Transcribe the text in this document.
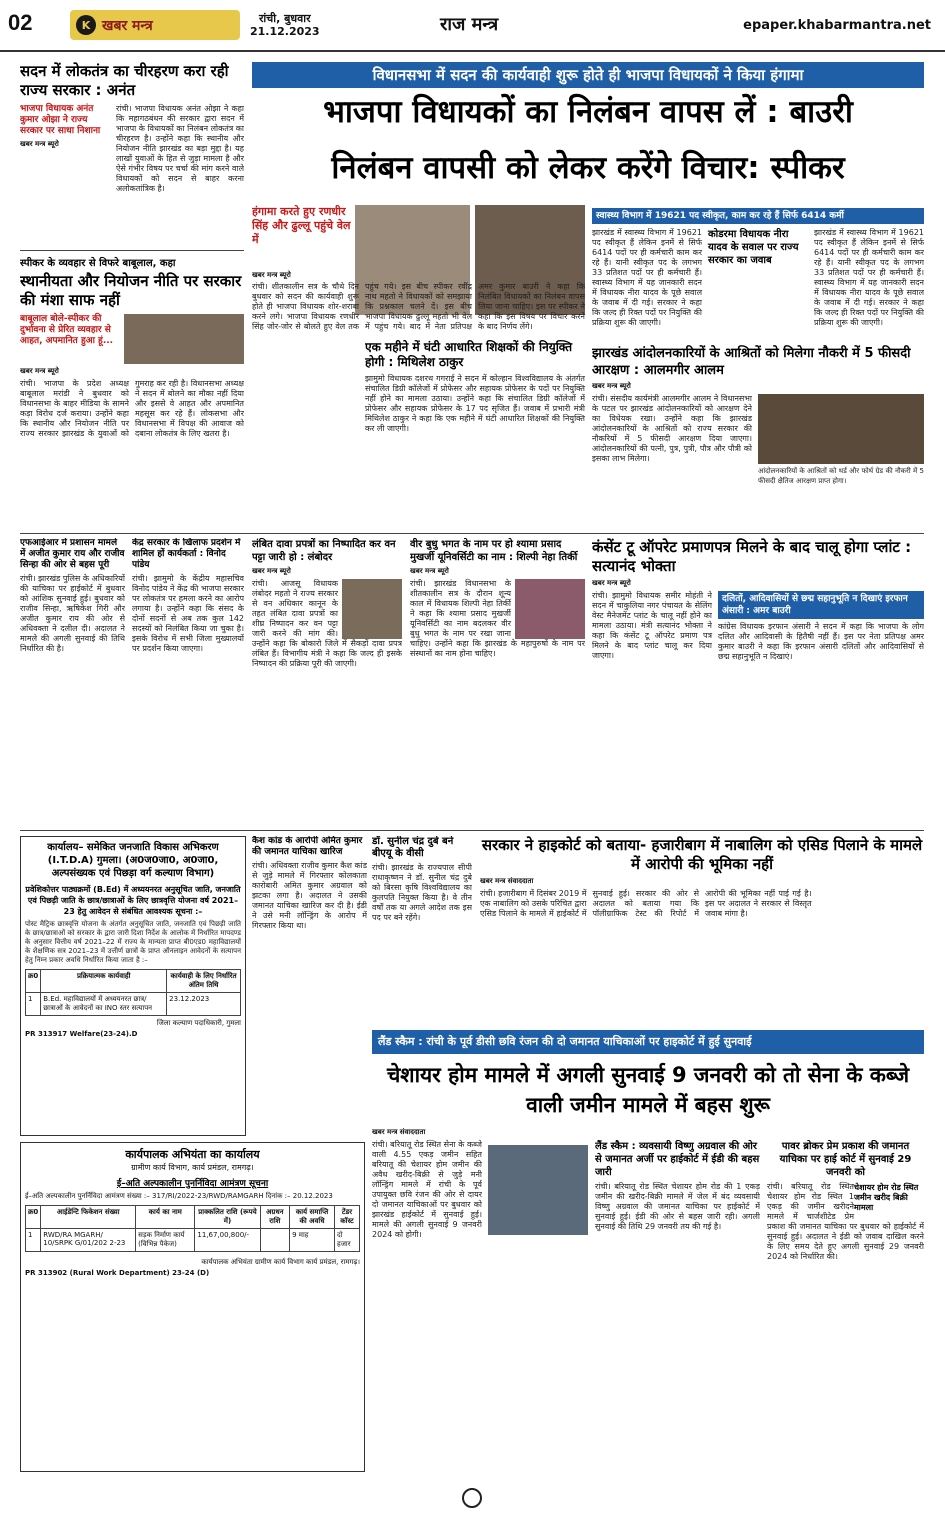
02	K खबर मन्त्र	रांची, बुधवार
21.12.2023	राज मन्त्र	epaper.khabarmantra.net
सदन में लोकतंत्र का चीरहरण करा रही राज्य सरकार : अनंत
भाजपा विधायक अनंत कुमार ओझा ने राज्य सरकार पर साधा निशाना
खबर मन्त्र ब्यूरो
रांची। भाजपा विधायक अनंत ओझा ने कहा कि महागठबंधन की सरकार द्वारा सदन में भाजपा के विधायकों का निलंबन लोकतंत्र का चीरहरण है। उन्होंने कहा कि स्थानीय और नियोजन नीति झारखंड का बड़ा मुद्दा है। यह लाखों युवाओं के हित से जुड़ा मामला है और ऐसे गंभीर विषय पर चर्चा की मांग करने वाले विधायकों को सदन से बाहर करना अलोकतांत्रिक है।
स्पीकर के व्यवहार से विफरे बाबूलाल, कहा
स्थानीयता और नियोजन नीति पर सरकार की मंशा साफ नहीं
बाबूलाल बोले-स्पीकर की दुर्भावना से प्रेरित व्यवहार से आहत, अपमानित हुआ हूं...
खबर मन्त्र ब्यूरो
रांची। भाजपा के प्रदेश अध्यक्ष बाबूलाल मरांडी ने बुधवार को विधानसभा के बाहर मीडिया के सामने कड़ा विरोध दर्ज कराया। उन्होंने कहा कि स्थानीय और नियोजन नीति पर राज्य सरकार झारखंड के युवाओं को गुमराह कर रही है। विधानसभा अध्यक्ष ने सदन में बोलने का मौका नहीं दिया और इससे वे आहत और अपमानित महसूस कर रहे हैं। लोकसभा और विधानसभा में विपक्ष की आवाज को दबाना लोकतंत्र के लिए खतरा है।
विधानसभा में सदन की कार्यवाही शुरू होते ही भाजपा विधायकों ने किया हंगामा
भाजपा विधायकों का निलंबन वापस लें : बाउरी
निलंबन वापसी को लेकर करेंगे विचार: स्पीकर
हंगामा करते हुए रणधीर सिंह और ढुल्लू पहुंचे वेल में
खबर मन्त्र ब्यूरो
रांची। शीतकालीन सत्र के चौथे दिन बुधवार को सदन की कार्यवाही शुरू होते ही भाजपा विधायक शोर-शराबा करने लगे। भाजपा विधायक रणधीर सिंह जोर-जोर से बोलते हुए वेल तक पहुंच गये। इस बीच स्पीकर रवींद्र नाथ महतो ने विधायकों को समझाया कि प्रश्नकाल चलने दें। इस बीच भाजपा विधायक ढुल्लू महतो भी वेल में पहुंच गये। बाद में नेता प्रतिपक्ष अमर कुमार बाउरी ने कहा कि निलंबित विधायकों का निलंबन वापस लिया जाना चाहिए। इस पर स्पीकर ने कहा कि इस विषय पर विचार करने के बाद निर्णय लेंगे।
स्वास्थ्य विभाग में 19621 पद स्वीकृत, काम कर रहे हैं सिर्फ 6414 कर्मी
झारखंड में स्वास्थ्य विभाग में 19621 पद स्वीकृत हैं लेकिन इनमें से सिर्फ 6414 पदों पर ही कर्मचारी काम कर रहे हैं। यानी स्वीकृत पद के लगभग 33 प्रतिशत पदों पर ही कर्मचारी हैं। स्वास्थ्य विभाग में यह जानकारी सदन में विधायक नीरा यादव के पूछे सवाल के जवाब में दी गई। सरकार ने कहा कि जल्द ही रिक्त पदों पर नियुक्ति की प्रक्रिया शुरू की जाएगी।
कोडरमा विधायक नीरा यादव के सवाल पर राज्य सरकार का जवाब
झारखंड में स्वास्थ्य विभाग में 19621 पद स्वीकृत हैं लेकिन इनमें से सिर्फ 6414 पदों पर ही कर्मचारी काम कर रहे हैं। यानी स्वीकृत पद के लगभग 33 प्रतिशत पदों पर ही कर्मचारी हैं। स्वास्थ्य विभाग में यह जानकारी सदन में विधायक नीरा यादव के पूछे सवाल के जवाब में दी गई। सरकार ने कहा कि जल्द ही रिक्त पदों पर नियुक्ति की प्रक्रिया शुरू की जाएगी।
एक महीने में घंटी आधारित शिक्षकों की नियुक्ति होगी : मिथिलेश ठाकुर
झामुमो विधायक दशरथ गगराई ने सदन में कोल्हान विश्वविद्यालय के अंतर्गत संचालित डिग्री कॉलेजों में प्रोफेसर और सहायक प्रोफेसर के पदों पर नियुक्ति नहीं होने का मामला उठाया। उन्होंने कहा कि संचालित डिग्री कॉलेजों में प्रोफेसर और सहायक प्रोफेसर के 17 पद सृजित हैं। जवाब में प्रभारी मंत्री मिथिलेश ठाकुर ने कहा कि एक महीने में घंटी आधारित शिक्षकों की नियुक्ति कर ली जाएगी।
झारखंड आंदोलनकारियों के आश्रितों को मिलेगा नौकरी में 5 फीसदी आरक्षण : आलमगीर आलम
खबर मन्त्र ब्यूरो
रांची। संसदीय कार्यमंत्री आलमगीर आलम ने विधानसभा के पटल पर झारखंड आंदोलनकारियों को आरक्षण देने का विधेयक रखा। उन्होंने कहा कि झारखंड आंदोलनकारियों के आश्रितों को राज्य सरकार की नौकरियों में 5 फीसदी आरक्षण दिया जाएगा। आंदोलनकारियों की पत्नी, पुत्र, पुत्री, पौत्र और पौत्री को इसका लाभ मिलेगा।
आंदोलनकारियों के आश्रितों को थर्ड और फोर्थ ग्रेड की नौकरी में 5 फीसदी क्षैतिज आरक्षण प्राप्त होगा।
एफआईआर में प्रशासन मामले में अजीत कुमार राय और राजीव सिन्हा की ओर से बहस पूरी
रांची। झारखंड पुलिस के अधिकारियों की याचिका पर हाईकोर्ट में बुधवार को आंशिक सुनवाई हुई। बुधवार को राजीव सिन्हा, ऋषिकेश गिरी और अजीत कुमार राय की ओर से अधिवक्ता ने दलील दी। अदालत ने मामले की अगली सुनवाई की तिथि निर्धारित की है।
केंद्र सरकार के खिलाफ प्रदर्शन में शामिल हों कार्यकर्ता : विनोद पांडेय
रांची। झामुमो के केंद्रीय महासचिव विनोद पांडेय ने केंद्र की भाजपा सरकार पर लोकतंत्र पर हमला करने का आरोप लगाया है। उन्होंने कहा कि संसद के दोनों सदनों से अब तक कुल 142 सदस्यों को निलंबित किया जा चुका है। इसके विरोध में सभी जिला मुख्यालयों पर प्रदर्शन किया जाएगा।
लंबित दावा प्रपत्रों का निष्पादित कर वन पट्टा जारी हो : लंबोदर
खबर मन्त्र ब्यूरो
रांची। आजसू विधायक लंबोदर महतो ने राज्य सरकार से वन अधिकार कानून के तहत लंबित दावा प्रपत्रों का शीघ्र निष्पादन कर वन पट्टा जारी करने की मांग की। उन्होंने कहा कि बोकारो जिले में सैकड़ों दावा प्रपत्र लंबित हैं। विभागीय मंत्री ने कहा कि जल्द ही इसके निष्पादन की प्रक्रिया पूरी की जाएगी।
वीर बुधु भगत के नाम पर हो श्यामा प्रसाद मुखर्जी यूनिवर्सिटी का नाम : शिल्पी नेहा तिर्की
खबर मन्त्र ब्यूरो
रांची। झारखंड विधानसभा के शीतकालीन सत्र के दौरान शून्य काल में विधायक शिल्पी नेहा तिर्की ने कहा कि श्यामा प्रसाद मुखर्जी यूनिवर्सिटी का नाम बदलकर वीर बुधु भगत के नाम पर रखा जाना चाहिए। उन्होंने कहा कि झारखंड के महापुरुषों के नाम पर संस्थानों का नाम होना चाहिए।
कंसेंट टू ऑपरेट प्रमाणपत्र मिलने के बाद चालू होगा प्लांट : सत्यानंद भोक्ता
खबर मन्त्र ब्यूरो
रांची। झामुमो विधायक समीर मोहंती ने सदन में चाकुलिया नगर पंचायत के सेलिंग वेस्ट मैनेजमेंट प्लांट के चालू नहीं होने का मामला उठाया। मंत्री सत्यानंद भोक्ता ने कहा कि कंसेंट टू ऑपरेट प्रमाण पत्र मिलने के बाद प्लांट चालू कर दिया जाएगा।
दलितों, आदिवासियों से छद्म सहानुभूति न दिखाएं इरफान अंसारी : अमर बाउरी
कांग्रेस विधायक इरफान अंसारी ने सदन में कहा कि भाजपा के लोग दलित और आदिवासी के हितैषी नहीं हैं। इस पर नेता प्रतिपक्ष अमर कुमार बाउरी ने कहा कि इरफान अंसारी दलितों और आदिवासियों से छद्म सहानुभूति न दिखाएं।
कार्यालय– समेकित जनजाति विकास अभिकरण (I.T.D.A) गुमला। (अ0ज0जा0, अ0जा0, अल्पसंख्यक एवं पिछड़ा वर्ग कल्याण विभाग)
प्रवेशिकोत्तर पाठ्यक्रमों (B.Ed) में अध्ययनरत अनुसूचित जाति, जनजाति एवं पिछड़ी जाति के छात्र/छात्राओं के लिए छात्रवृत्ति योजना वर्ष 2021–23 हेतु आवेदन से संबंधित आवश्यक सूचना :–
पोस्ट मैट्रिक छात्रवृत्ति योजना के अंतर्गत अनुसूचित जाति, जनजाति एवं पिछड़ी जाति के छात्र/छात्राओं को सरकार के द्वारा जारी दिशा निर्देश के आलोक में निर्धारित मापदण्ड के अनुसार वित्तीय वर्ष 2021–22 में राज्य के मान्यता प्राप्त बी0एड0 महाविद्यालयों के शैक्षणिक सत्र 2021–23 में उत्तीर्ण छात्रों के प्राप्त ऑनलाइन आवेदनों के सत्यापन हेतु निम्न प्रकार अवधि निर्धारित किया जाता है :–
क्र0	प्रक्रियात्मक कार्यवाही	कार्यवाही के लिए निर्धारित अंतिम तिथि
1	B.Ed. महाविद्यालयों में अध्ययनरत छात्र/छात्राओं के आवेदनों का INO स्तर सत्यापन	23.12.2023
जिला कल्याण पदाधिकारी, गुमला
PR 313917 Welfare(23-24).D
कैश कांड के आरोपी अमित कुमार की जमानत याचिका खारिज
रांची। अधिवक्ता राजीव कुमार कैश कांड से जुड़े मामले में गिरफ्तार कोलकाता कारोबारी अमित कुमार अग्रवाल को झटका लगा है। अदालत ने उसकी जमानत याचिका खारिज कर दी है। ईडी ने उसे मनी लॉन्ड्रिंग के आरोप में गिरफ्तार किया था।
डॉ. सुनील चंद्र दुबे बने बीएयू के वीसी
रांची। झारखंड के राज्यपाल सीपी राधाकृष्णन ने डॉ. सुनील चंद्र दुबे को बिरसा कृषि विश्वविद्यालय का कुलपति नियुक्त किया है। वे तीन वर्षों तक या अगले आदेश तक इस पद पर बने रहेंगे।
सरकार ने हाइकोर्ट को बताया- हजारीबाग में नाबालिग को एसिड पिलाने के मामले में आरोपी की भूमिका नहीं
खबर मन्त्र संवाददाता
रांची। हजारीबाग में दिसंबर 2019 में एक नाबालिग को उसके परिचित द्वारा एसिड पिलाने के मामले में हाईकोर्ट में सुनवाई हुई। सरकार की ओर से अदालत को बताया गया कि पॉलीग्राफिक टेस्ट की रिपोर्ट में आरोपी की भूमिका नहीं पाई गई है। इस पर अदालत ने सरकार से विस्तृत जवाब मांगा है।
लैंड स्कैम : रांची के पूर्व डीसी छवि रंजन की दो जमानत याचिकाओं पर हाइकोर्ट में हुई सुनवाई
चेशायर होम मामले में अगली सुनवाई 9 जनवरी को तो सेना के कब्जे वाली जमीन मामले में बहस शुरू
कार्यपालक अभियंता का कार्यालय
ग्रामीण कार्य विभाग, कार्य प्रमंडल, रामगढ़।
ई–अति अल्पकालीन पुनर्निविदा आमंत्रण सूचना
ई–अति अल्पकालीन पुनर्निविदा आमंत्रण संख्या :– 317/RI/2022-23/RWD/RAMGARH दिनांक :– 20.12.2023
क्र0	आईडेन्टि फिकेशन संख्या	कार्य का नाम	प्राक्कलित राशि (रूपये में)	अग्रधन राशि	कार्य समाप्ति की अवधि	टेंडर कॉस्ट
1	RWD/RA MGARH/ 10/SRPK G/01/202 2-23	सड़क निर्माण कार्य (विभिन्न पैकेज)	11,67,00,800/-		9 माह	दो हजार
कार्यपालक अभियंता ग्रामीण कार्य विभाग कार्य प्रमंडल, रामगढ़।
PR 313902 (Rural Work Department) 23-24 (D)
खबर मन्त्र संवाददाता
रांची। बरियातू रोड स्थित सेना के कब्जे वाली 4.55 एकड़ जमीन सहित बरियातू की चेशायर होम जमीन की अवैध खरीद-बिक्री से जुड़े मनी लॉन्ड्रिंग मामले में रांची के पूर्व उपायुक्त छवि रंजन की ओर से दायर दो जमानत याचिकाओं पर बुधवार को झारखंड हाईकोर्ट में सुनवाई हुई। मामले की अगली सुनवाई 9 जनवरी 2024 को होगी।
लैंड स्कैम : व्यवसायी विष्णु अग्रवाल की ओर से जमानत अर्जी पर हाईकोर्ट में ईडी की बहस जारी
रांची। बरियातू रोड स्थित चेशायर होम रोड की 1 एकड़ जमीन की खरीद-बिक्री मामले में जेल में बंद व्यवसायी विष्णु अग्रवाल की जमानत याचिका पर हाईकोर्ट में सुनवाई हुई। ईडी की ओर से बहस जारी रही। अगली सुनवाई की तिथि 29 जनवरी तय की गई है।
पावर ब्रोकर प्रेम प्रकाश की जमानत याचिका पर हाई कोर्ट में सुनवाई 29 जनवरी को
चेशायर होम रोड स्थित जमीन खरीद बिक्री मामला
रांची। बरियातू रोड स्थित चेशायर होम रोड स्थित 1 एकड़ की जमीन खरीदने मामले में चार्जशीटेड प्रेम प्रकाश की जमानत याचिका पर बुधवार को हाईकोर्ट में सुनवाई हुई। अदालत ने ईडी को जवाब दाखिल करने के लिए समय देते हुए अगली सुनवाई 29 जनवरी 2024 को निर्धारित की।
